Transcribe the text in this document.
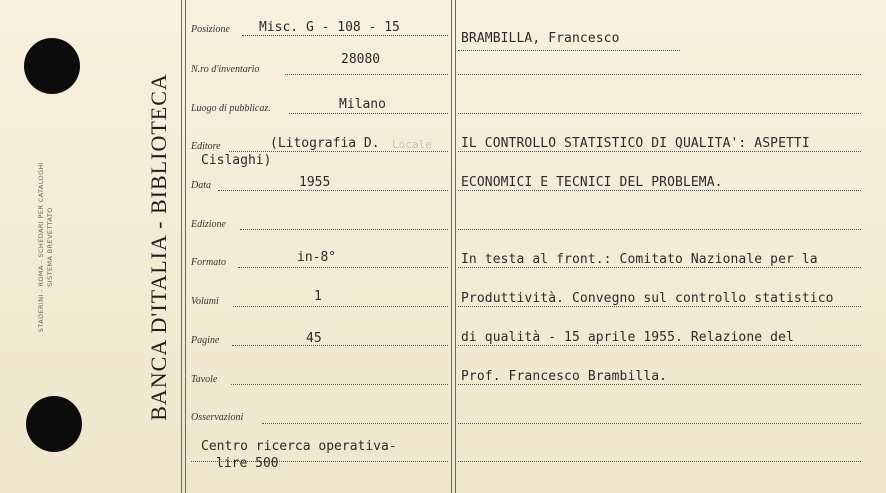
STADERINI - ROMA - SCHEDARI PER CATALOGHI SISTEMA BREVETTATO	BANCA D'ITALIA - BIBLIOTECA
Posizione
N.ro d'inventario
Luogo di pubblicaz.
Editore
Data
Edizione
Formato
Volumi
Pagine
Tavole
Osservazioni
Misc. G - 108 - 15
28080
Milano
(Litografia D. Locale
Cislaghi)
1955
in-8°
1
45
Centro ricerca operativa-
lire 500
BRAMBILLA, Francesco
IL CONTROLLO STATISTICO DI QUALITA': ASPETTI
ECONOMICI E TECNICI DEL PROBLEMA.
In testa al front.: Comitato Nazionale per la
Produttività. Convegno sul controllo statistico
di qualità - 15 aprile 1955. Relazione del
Prof. Francesco Brambilla.
